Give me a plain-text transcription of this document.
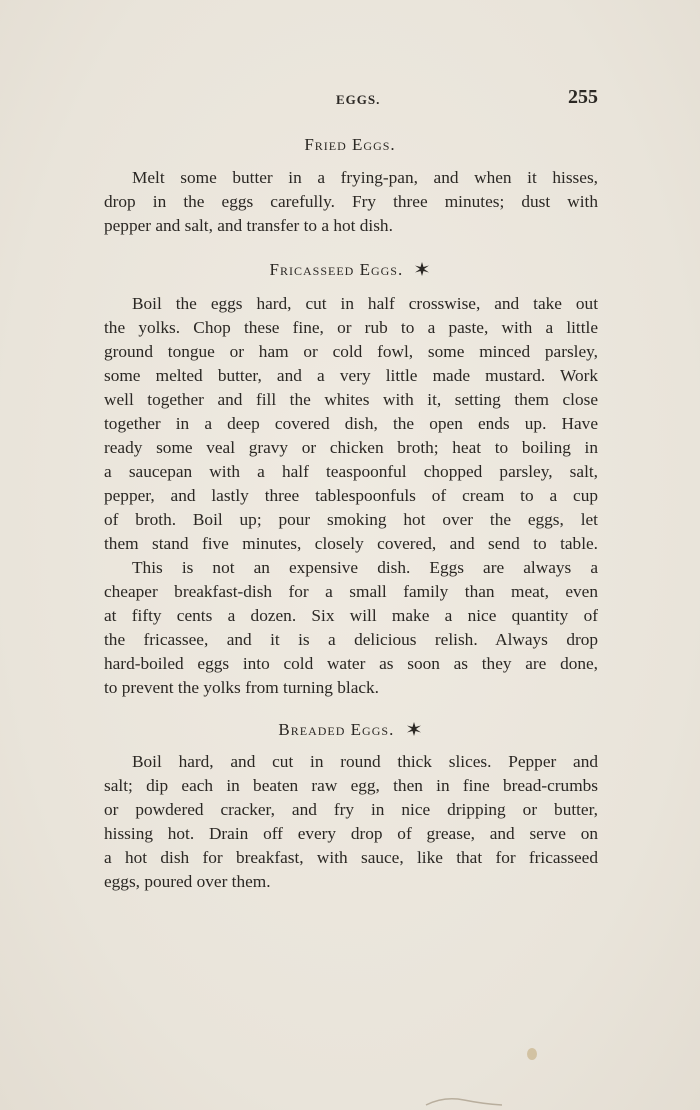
EGGS.	255
Fried Eggs.
Melt some butter in a frying-pan, and when it hisses,
drop in the eggs carefully. Fry three minutes; dust with
pepper and salt, and transfer to a hot dish.
Fricasseed Eggs.
Boil the eggs hard, cut in half crosswise, and take out
the yolks. Chop these fine, or rub to a paste, with a little
ground tongue or ham or cold fowl, some minced parsley,
some melted butter, and a very little made mustard. Work
well together and fill the whites with it, setting them close
together in a deep covered dish, the open ends up. Have
ready some veal gravy or chicken broth; heat to boiling in
a saucepan with a half teaspoonful chopped parsley, salt,
pepper, and lastly three tablespoonfuls of cream to a cup
of broth. Boil up; pour smoking hot over the eggs, let
them stand five minutes, closely covered, and send to table.
This is not an expensive dish. Eggs are always a
cheaper breakfast-dish for a small family than meat, even
at fifty cents a dozen. Six will make a nice quantity of
the fricassee, and it is a delicious relish. Always drop
hard-boiled eggs into cold water as soon as they are done,
to prevent the yolks from turning black.
Breaded Eggs.
Boil hard, and cut in round thick slices. Pepper and
salt; dip each in beaten raw egg, then in fine bread-crumbs
or powdered cracker, and fry in nice dripping or butter,
hissing hot. Drain off every drop of grease, and serve on
a hot dish for breakfast, with sauce, like that for fricasseed
eggs, poured over them.
